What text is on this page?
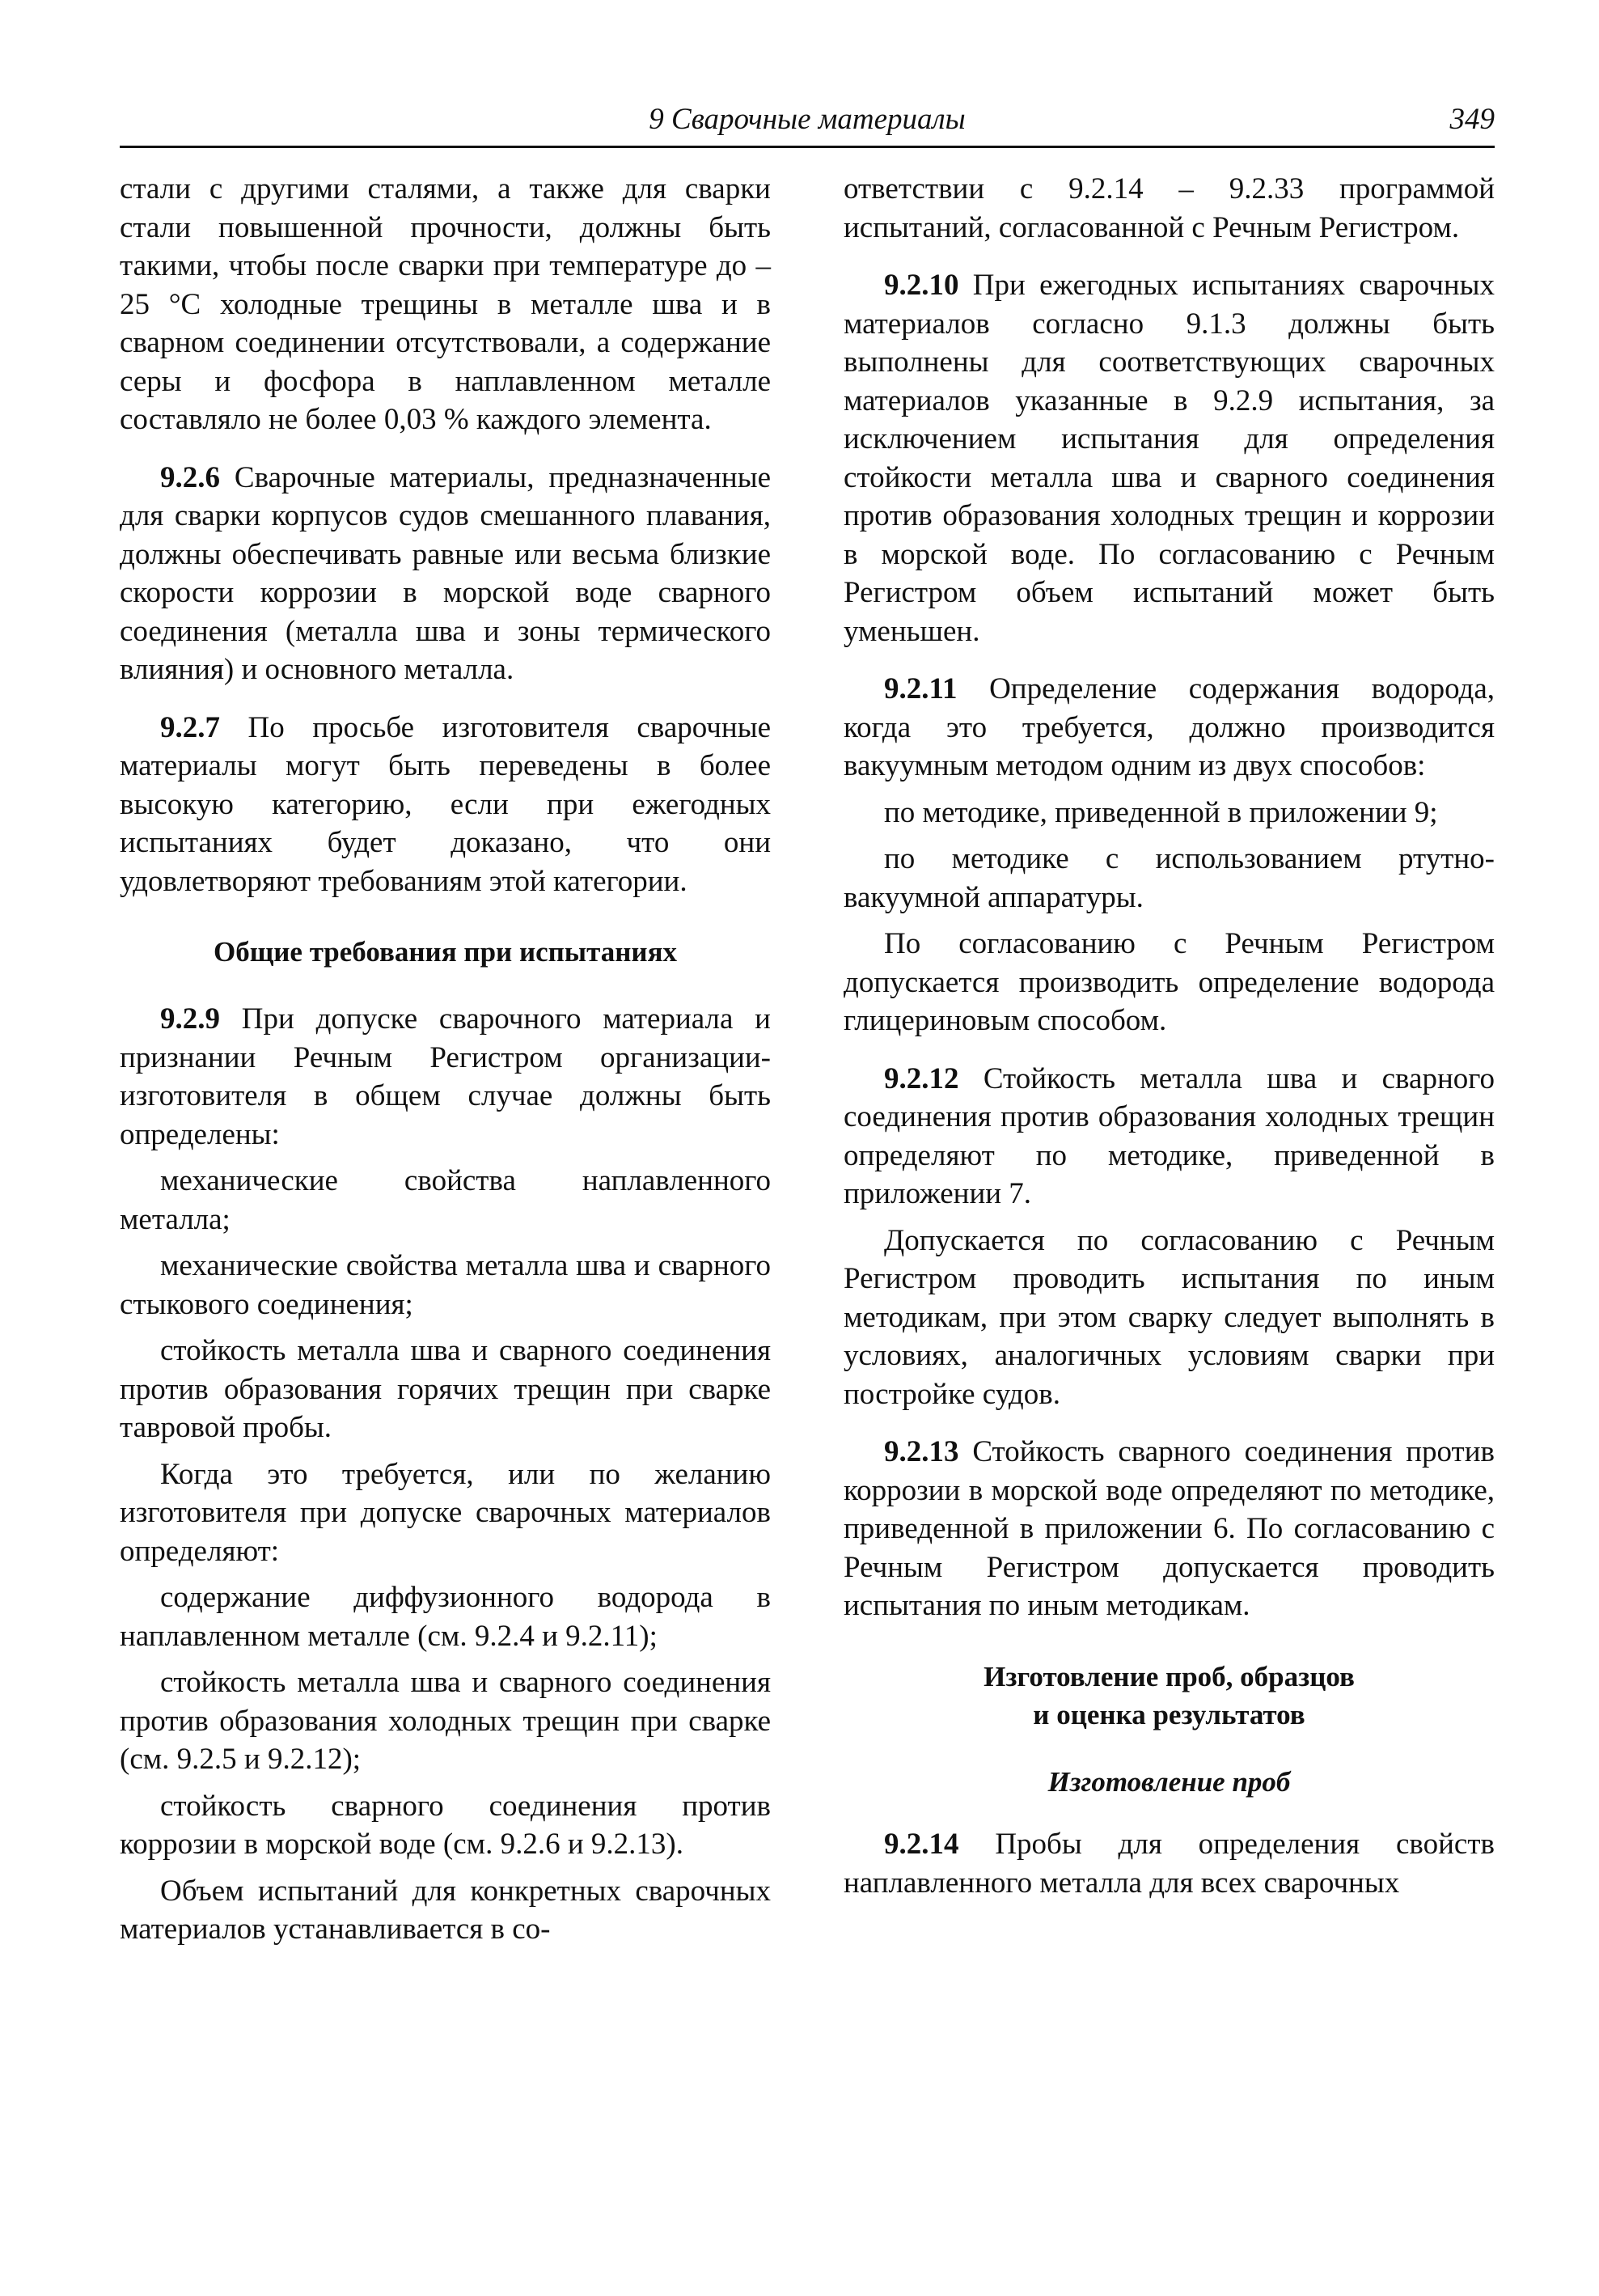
9 Сварочные материалы	349

стали с другими сталями, а также для сварки стали повышенной прочности, должны быть такими, чтобы после сварки при температуре до –25 °С холодные трещины в металле шва и в сварном соединении отсутствовали, а содержание серы и фосфора в наплавленном металле составляло не более 0,03 % каждого элемента.

9.2.6 Сварочные материалы, предназначенные для сварки корпусов судов смешанного плавания, должны обеспечивать равные или весьма близкие скорости коррозии в морской воде сварного соединения (металла шва и зоны термического влияния) и основного металла.

9.2.7 По просьбе изготовителя сварочные материалы могут быть переведены в более высокую категорию, если при ежегодных испытаниях будет доказано, что они удовлетворяют требованиям этой категории.

Общие требования при испытаниях

9.2.9 При допуске сварочного материала и признании Речным Регистром организации-изготовителя в общем случае должны быть определены:

механические свойства наплавленного металла;

механические свойства металла шва и сварного стыкового соединения;

стойкость металла шва и сварного соединения против образования горячих трещин при сварке тавровой пробы.

Когда это требуется, или по желанию изготовителя при допуске сварочных материалов определяют:

содержание диффузионного водорода в наплавленном металле (см. 9.2.4 и 9.2.11);

стойкость металла шва и сварного соединения против образования холодных трещин при сварке (см. 9.2.5 и 9.2.12);

стойкость сварного соединения против коррозии в морской воде (см. 9.2.6 и 9.2.13).

Объем испытаний для конкретных сварочных материалов устанавливается в со-

ответствии с 9.2.14 – 9.2.33 программой испытаний, согласованной с Речным Регистром.

9.2.10 При ежегодных испытаниях сварочных материалов согласно 9.1.3 должны быть выполнены для соответствующих сварочных материалов указанные в 9.2.9 испытания, за исключением испытания для определения стойкости металла шва и сварного соединения против образования холодных трещин и коррозии в морской воде. По согласованию с Речным Регистром объем испытаний может быть уменьшен.

9.2.11 Определение содержания водорода, когда это требуется, должно производится вакуумным методом одним из двух способов:

по методике, приведенной в приложении 9;

по методике с использованием ртутно-вакуумной аппаратуры.

По согласованию с Речным Регистром допускается производить определение водорода глицериновым способом.

9.2.12 Стойкость металла шва и сварного соединения против образования холодных трещин определяют по методике, приведенной в приложении 7.

Допускается по согласованию с Речным Регистром проводить испытания по иным методикам, при этом сварку следует выполнять в условиях, аналогичных условиям сварки при постройке судов.

9.2.13 Стойкость сварного соединения против коррозии в морской воде определяют по методике, приведенной в приложении 6. По согласованию с Речным Регистром допускается проводить испытания по иным методикам.

Изготовление проб, образцов
и оценка результатов
Изготовление проб

9.2.14 Пробы для определения свойств наплавленного металла для всех сварочных
